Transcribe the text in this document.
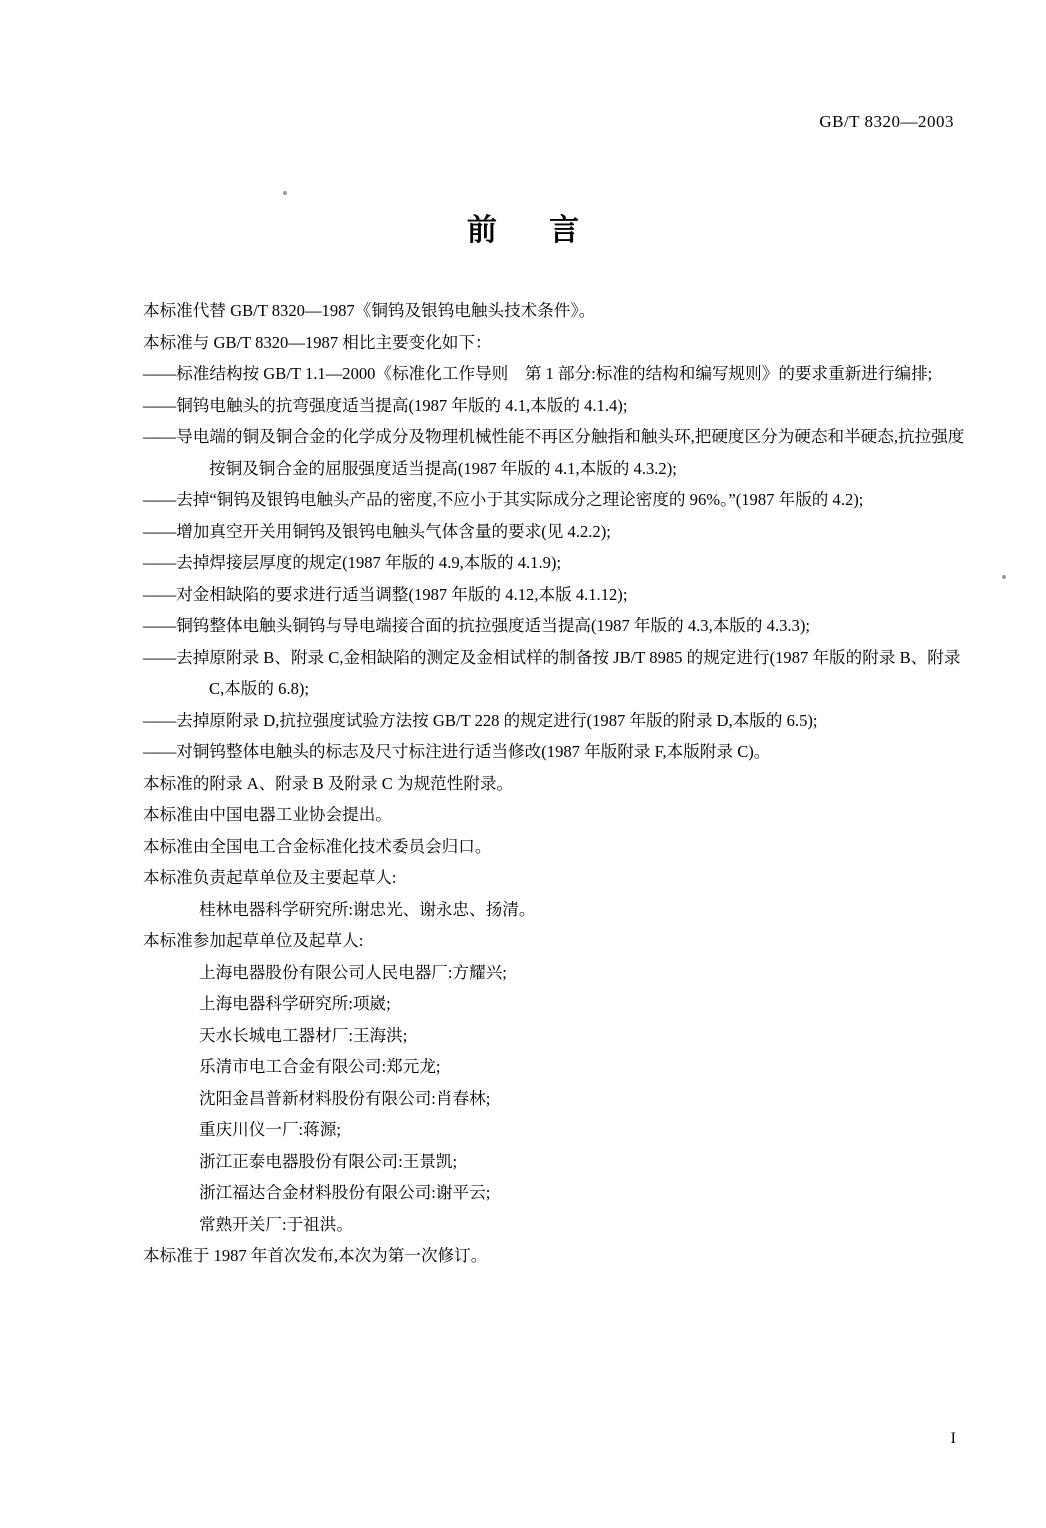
GB/T 8320—2003
前 言

本标准代替 GB/T 8320—1987《铜钨及银钨电触头技术条件》。

本标准与 GB/T 8320—1987 相比主要变化如下：

——标准结构按 GB/T 1.1—2000《标准化工作导则　第 1 部分:标准的结构和编写规则》的要求重新进行编排;

——铜钨电触头的抗弯强度适当提高(1987 年版的 4.1,本版的 4.1.4);

——导电端的铜及铜合金的化学成分及物理机械性能不再区分触指和触头环,把硬度区分为硬态和半硬态,抗拉强度按铜及铜合金的屈服强度适当提高(1987 年版的 4.1,本版的 4.3.2);

——去掉“铜钨及银钨电触头产品的密度,不应小于其实际成分之理论密度的 96%。”(1987 年版的 4.2);

——增加真空开关用铜钨及银钨电触头气体含量的要求(见 4.2.2);

——去掉焊接层厚度的规定(1987 年版的 4.9,本版的 4.1.9);

——对金相缺陷的要求进行适当调整(1987 年版的 4.12,本版 4.1.12);

——铜钨整体电触头铜钨与导电端接合面的抗拉强度适当提高(1987 年版的 4.3,本版的 4.3.3);

——去掉原附录 B、附录 C,金相缺陷的测定及金相试样的制备按 JB/T 8985 的规定进行(1987 年版的附录 B、附录 C,本版的 6.8);

——去掉原附录 D,抗拉强度试验方法按 GB/T 228 的规定进行(1987 年版的附录 D,本版的 6.5);

——对铜钨整体电触头的标志及尺寸标注进行适当修改(1987 年版附录 F,本版附录 C)。

本标准的附录 A、附录 B 及附录 C 为规范性附录。

本标准由中国电器工业协会提出。

本标准由全国电工合金标准化技术委员会归口。

本标准负责起草单位及主要起草人:

桂林电器科学研究所:谢忠光、谢永忠、扬清。

本标准参加起草单位及起草人:

上海电器股份有限公司人民电器厂:方耀兴;

上海电器科学研究所:项崴;

天水长城电工器材厂:王海洪;

乐清市电工合金有限公司:郑元龙;

沈阳金昌普新材料股份有限公司:肖春林;

重庆川仪一厂:蒋源;

浙江正泰电器股份有限公司:王景凯;

浙江福达合金材料股份有限公司:谢平云;

常熟开关厂:于祖洪。

本标准于 1987 年首次发布,本次为第一次修订。

I
